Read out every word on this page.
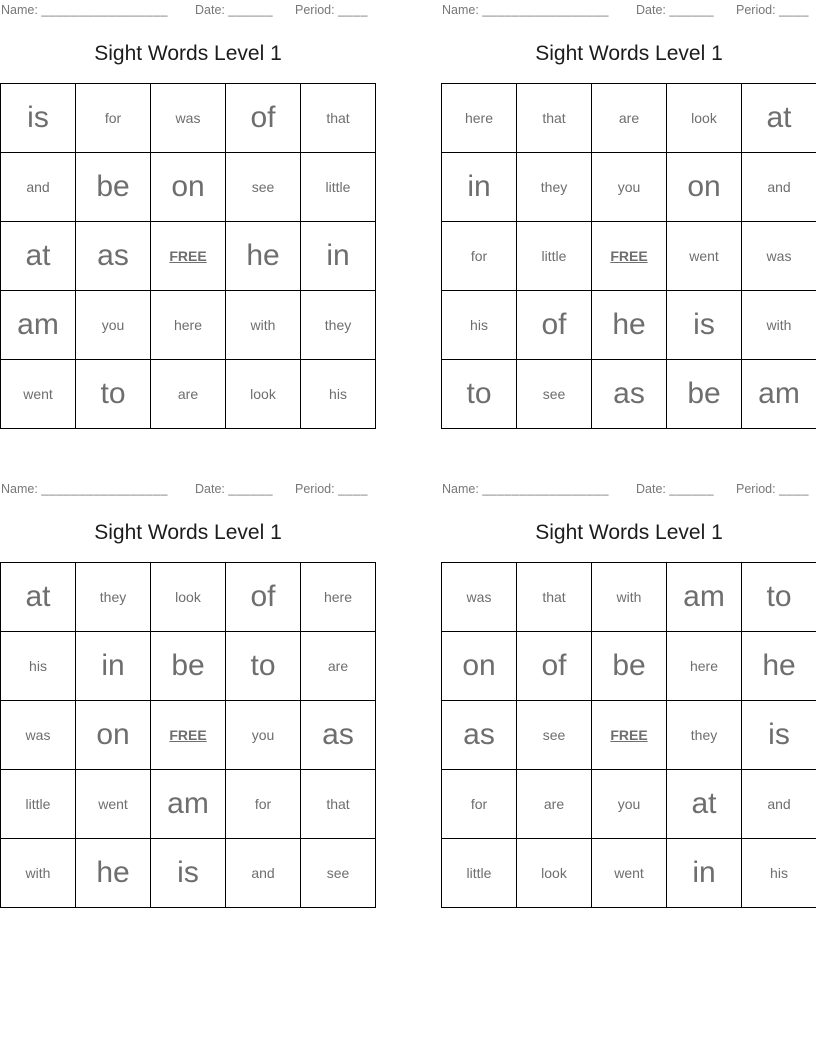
Name: _________________ Date: ______ Period: ____
Sight Words Level 1
is	for	was	of	that
and	be	on	see	little
at	as	FREE	he	in
am	you	here	with	they
went	to	are	look	his
Name: _________________ Date: ______ Period: ____
Sight Words Level 1
here	that	are	look	at
in	they	you	on	and
for	little	FREE	went	was
his	of	he	is	with
to	see	as	be	am
Name: _________________ Date: ______ Period: ____
Sight Words Level 1
at	they	look	of	here
his	in	be	to	are
was	on	FREE	you	as
little	went	am	for	that
with	he	is	and	see
Name: _________________ Date: ______ Period: ____
Sight Words Level 1
was	that	with	am	to
on	of	be	here	he
as	see	FREE	they	is
for	are	you	at	and
little	look	went	in	his
